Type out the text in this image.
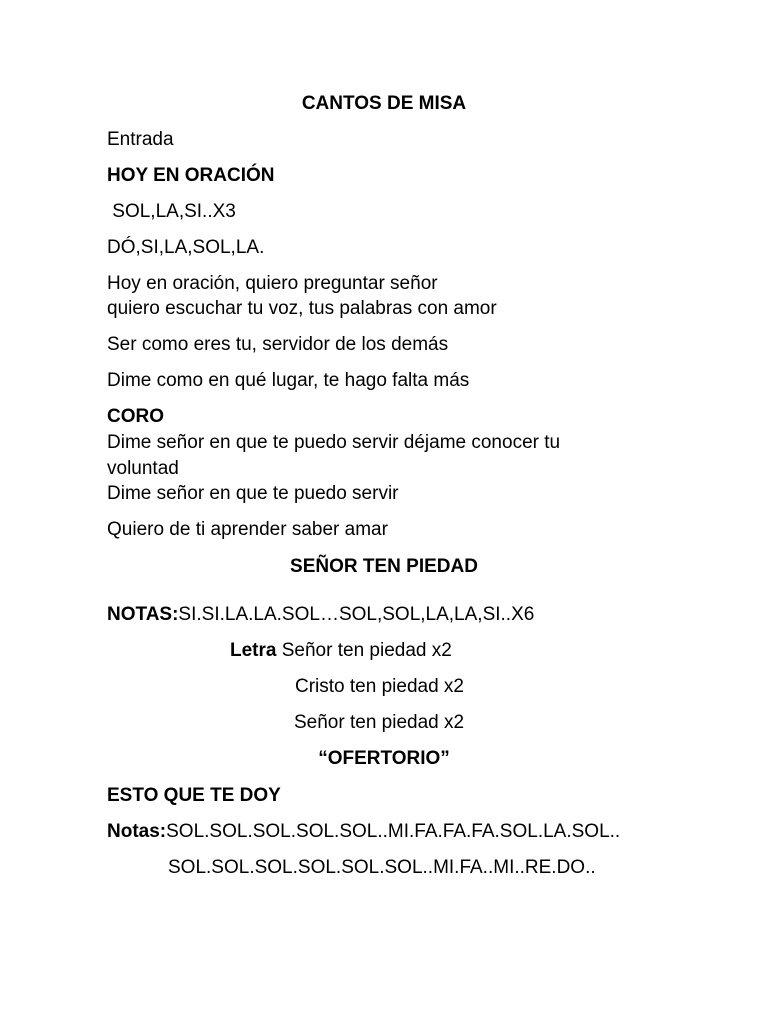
CANTOS DE MISA
Entrada
HOY EN ORACIÓN
SOL,LA,SI..X3
DÓ,SI,LA,SOL,LA.
Hoy en oración, quiero preguntar señor
quiero escuchar tu voz, tus palabras con amor
Ser como eres tu, servidor de los demás
Dime como en qué lugar, te hago falta más
CORO
Dime señor en que te puedo servir déjame conocer tu
voluntad
Dime señor en que te puedo servir
Quiero de ti aprender saber amar
SEÑOR TEN PIEDAD
NOTAS:SI.SI.LA.LA.SOL…SOL,SOL,LA,LA,SI..X6
Letra Señor ten piedad x2
Cristo ten piedad x2
Señor ten piedad x2
“OFERTORIO”
ESTO QUE TE DOY
Notas:SOL.SOL.SOL.SOL.SOL..MI.FA.FA.FA.SOL.LA.SOL..
SOL.SOL.SOL.SOL.SOL.SOL..MI.FA..MI..RE.DO..
